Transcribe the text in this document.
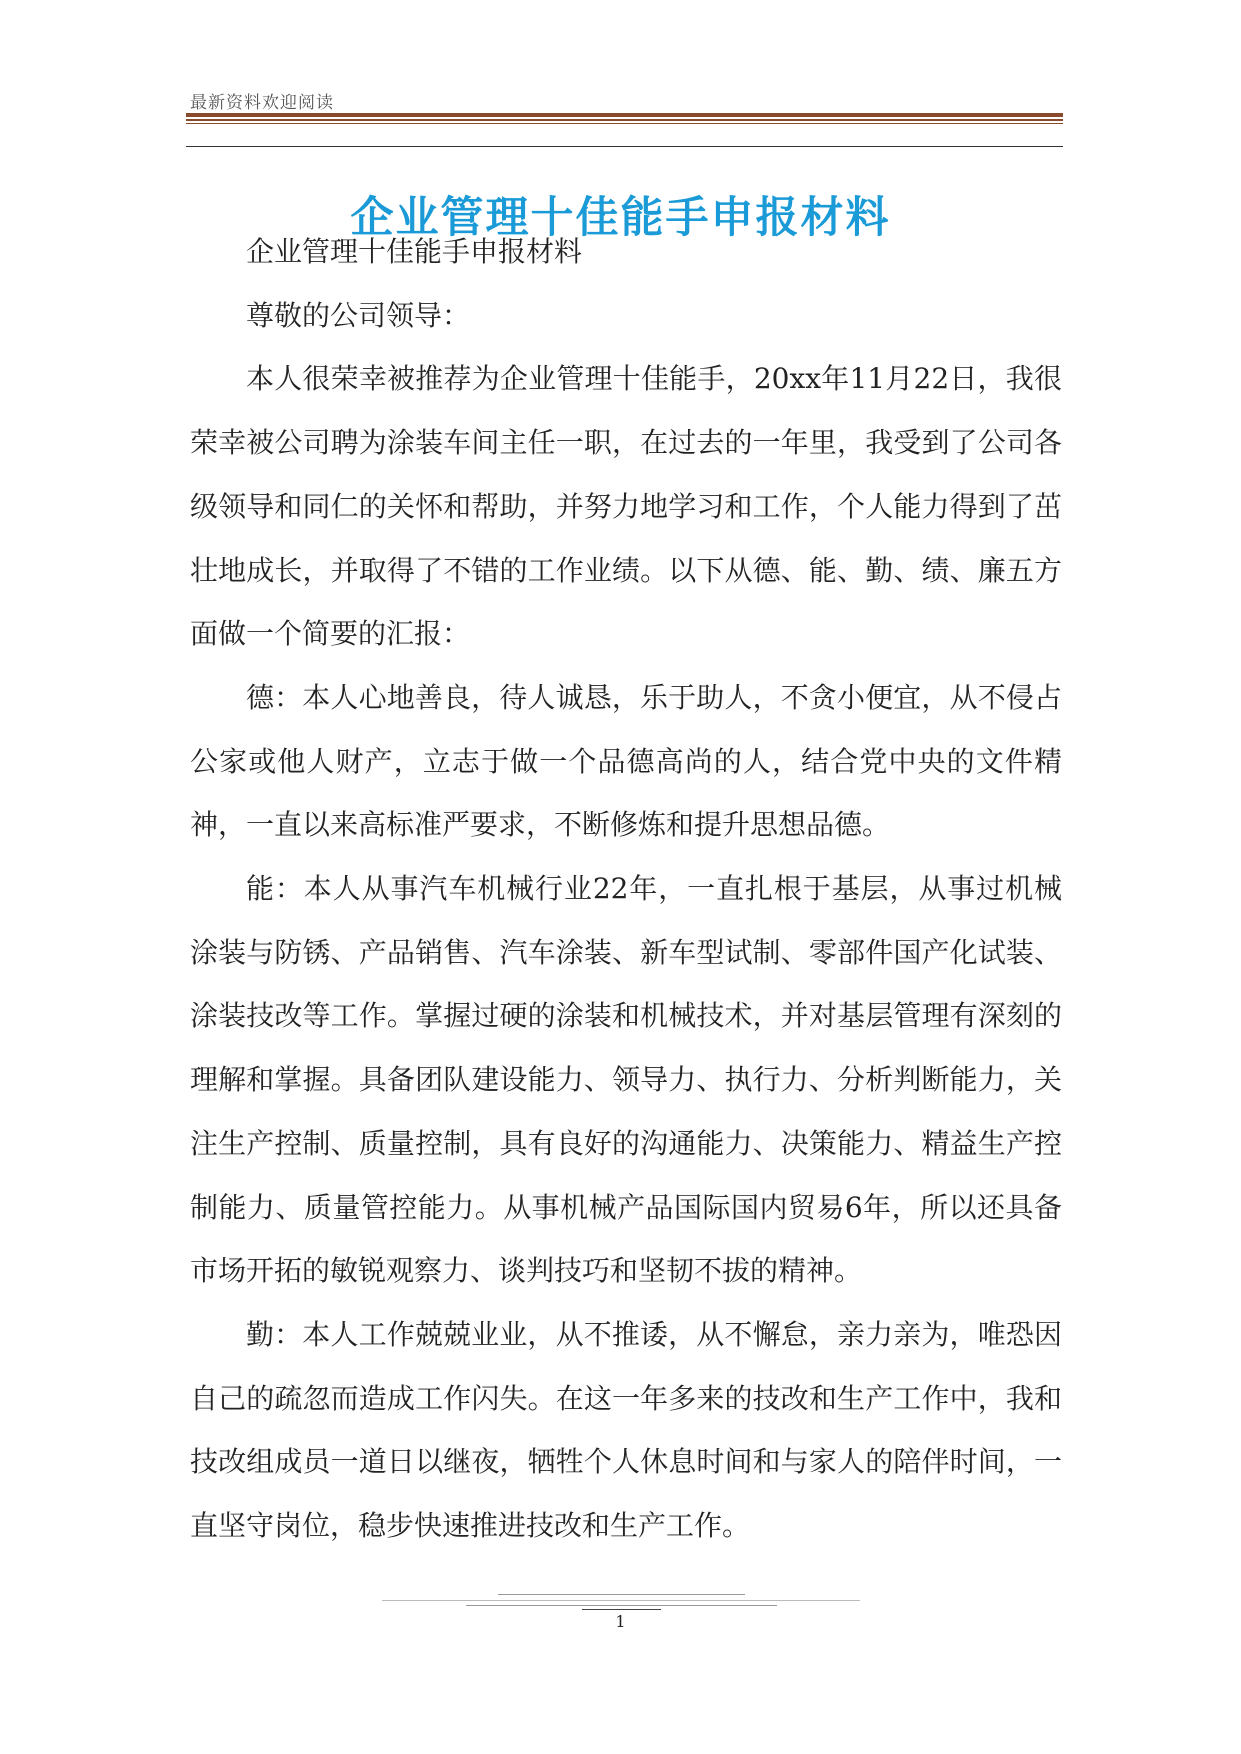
最新资料欢迎阅读
企业管理十佳能手申报材料

企业管理十佳能手申报材料

尊敬的公司领导：

本人很荣幸被推荐为企业管理十佳能手，20xx年11月22日，我很荣幸被公司聘为涂装车间主任一职，在过去的一年里，我受到了公司各级领导和同仁的关怀和帮助，并努力地学习和工作，个人能力得到了茁壮地成长，并取得了不错的工作业绩。以下从德、能、勤、绩、廉五方面做一个简要的汇报：

德：本人心地善良，待人诚恳，乐于助人，不贪小便宜，从不侵占公家或他人财产，立志于做一个品德高尚的人，结合党中央的文件精神，一直以来高标准严要求，不断修炼和提升思想品德。

能：本人从事汽车机械行业22年，一直扎根于基层，从事过机械涂装与防锈、产品销售、汽车涂装、新车型试制、零部件国产化试装、涂装技改等工作。掌握过硬的涂装和机械技术，并对基层管理有深刻的理解和掌握。具备团队建设能力、领导力、执行力、分析判断能力，关注生产控制、质量控制，具有良好的沟通能力、决策能力、精益生产控制能力、质量管控能力。从事机械产品国际国内贸易6年，所以还具备市场开拓的敏锐观察力、谈判技巧和坚韧不拔的精神。

勤：本人工作兢兢业业，从不推诿，从不懈怠，亲力亲为，唯恐因自己的疏忽而造成工作闪失。在这一年多来的技改和生产工作中，我和技改组成员一道日以继夜，牺牲个人休息时间和与家人的陪伴时间，一直坚守岗位，稳步快速推进技改和生产工作。

1
